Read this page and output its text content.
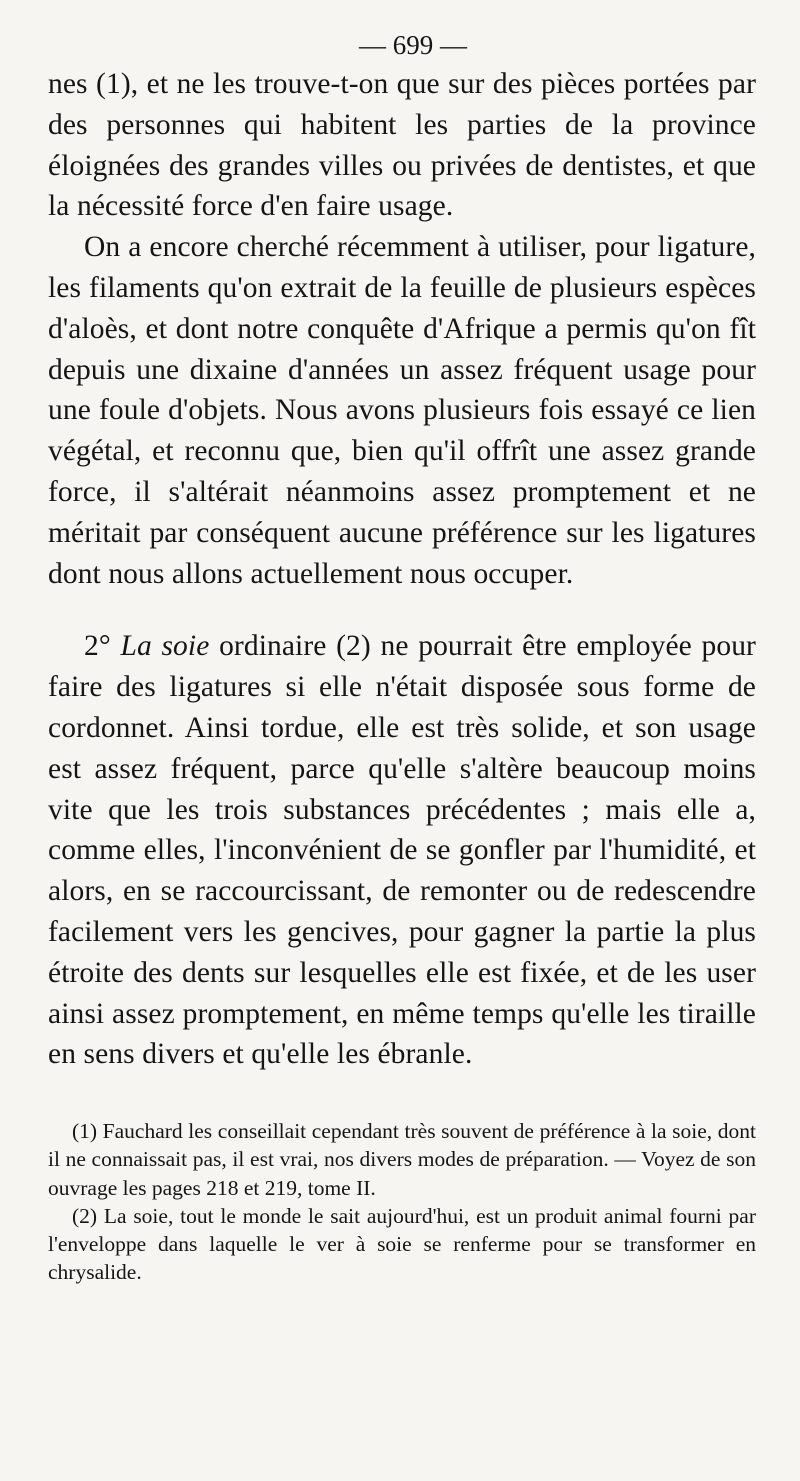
— 699 —

nes (1), et ne les trouve-t-on que sur des pièces portées par des personnes qui habitent les parties de la province éloignées des grandes villes ou privées de dentistes, et que la nécessité force d'en faire usage.

On a encore cherché récemment à utiliser, pour ligature, les filaments qu'on extrait de la feuille de plusieurs espèces d'aloès, et dont notre conquête d'Afrique a permis qu'on fît depuis une dixaine d'années un assez fréquent usage pour une foule d'objets. Nous avons plusieurs fois essayé ce lien végétal, et reconnu que, bien qu'il offrît une assez grande force, il s'altérait néanmoins assez promptement et ne méritait par conséquent aucune préférence sur les ligatures dont nous allons actuellement nous occuper.

2° La soie ordinaire (2) ne pourrait être employée pour faire des ligatures si elle n'était disposée sous forme de cordonnet. Ainsi tordue, elle est très solide, et son usage est assez fréquent, parce qu'elle s'altère beaucoup moins vite que les trois substances précédentes ; mais elle a, comme elles, l'inconvénient de se gonfler par l'humidité, et alors, en se raccourcissant, de remonter ou de redescendre facilement vers les gencives, pour gagner la partie la plus étroite des dents sur lesquelles elle est fixée, et de les user ainsi assez promptement, en même temps qu'elle les tiraille en sens divers et qu'elle les ébranle.

(1) Fauchard les conseillait cependant très souvent de préférence à la soie, dont il ne connaissait pas, il est vrai, nos divers modes de préparation. — Voyez de son ouvrage les pages 218 et 219, tome II.

(2) La soie, tout le monde le sait aujourd'hui, est un produit animal fourni par l'enveloppe dans laquelle le ver à soie se renferme pour se transformer en chrysalide.
